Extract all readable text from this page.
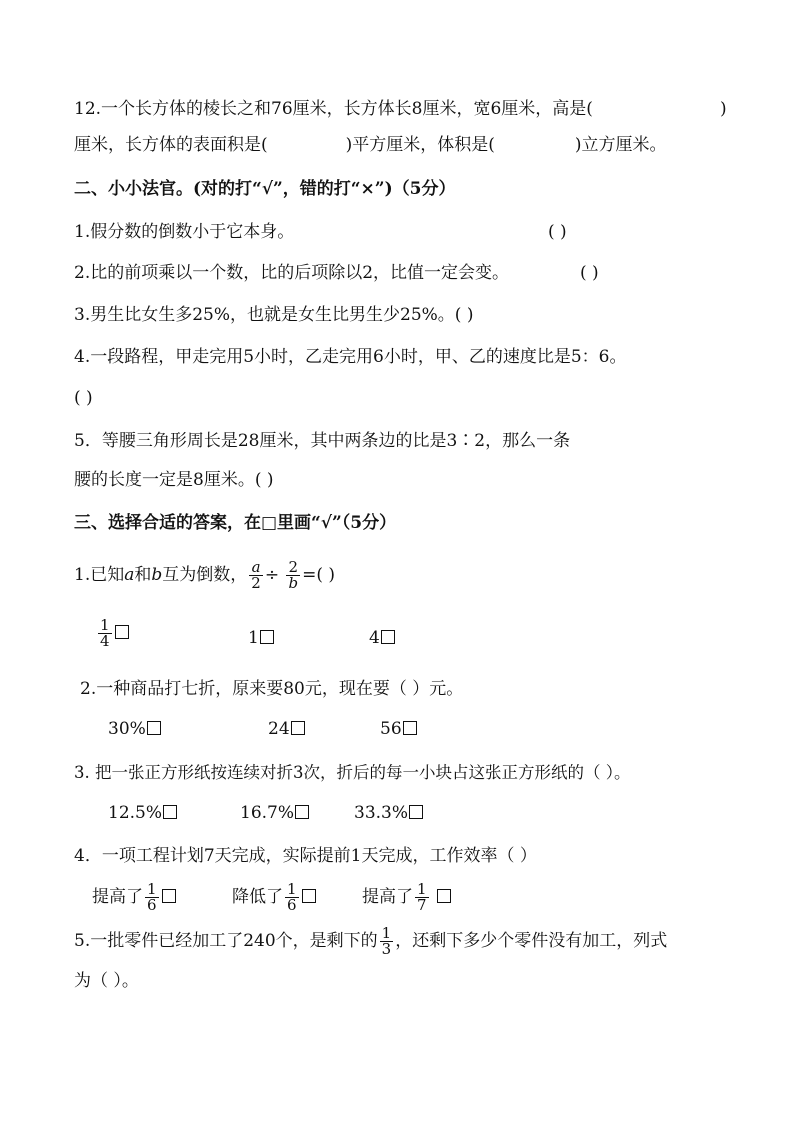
12.一个长方体的棱长之和76厘米，长方体长8厘米，宽6厘米，高是(	)
厘米，长方体的表面积是(	)平方厘米，体积是(	)立方厘米。
二、小小法官。(对的打“√”，错的打“×”)（5分）
1.假分数的倒数小于它本身。	( )
2.比的前项乘以一个数，比的后项除以2，比值一定会变。	( )
3.男生比女生多25%，也就是女生比男生少25%。( )
4.一段路程，甲走完用5小时，乙走完用6小时，甲、乙的速度比是5：6。
( )
5．等腰三角形周长是28厘米，其中两条边的比是3∶2，那么一条
腰的长度一定是8厘米。( )
三、选择合适的答案，在□里画“√”（5分）
1.已知a和b互为倒数， $\frac{a}{2} \div \frac{2}{b}$ =( )
$\frac{1}{4}$	1	4
2.一种商品打七折，原来要80元，现在要（ ）元。
30%	24	56
3. 把一张正方形纸按连续对折3次，折后的每一小块占这张正方形纸的（ ）。
12.5%	16.7%	33.3%
4．一项工程计划7天完成，实际提前1天完成，工作效率（ ）
提高了 $\frac{1}{6}$	降低了 $\frac{1}{6}$	提高了 $\frac{1}{7}$

5.一批零件已经加工了240个，是剩下的 $\frac{1}{3}$ ，还剩下多少个零件没有加工，列式
为（ ）。
